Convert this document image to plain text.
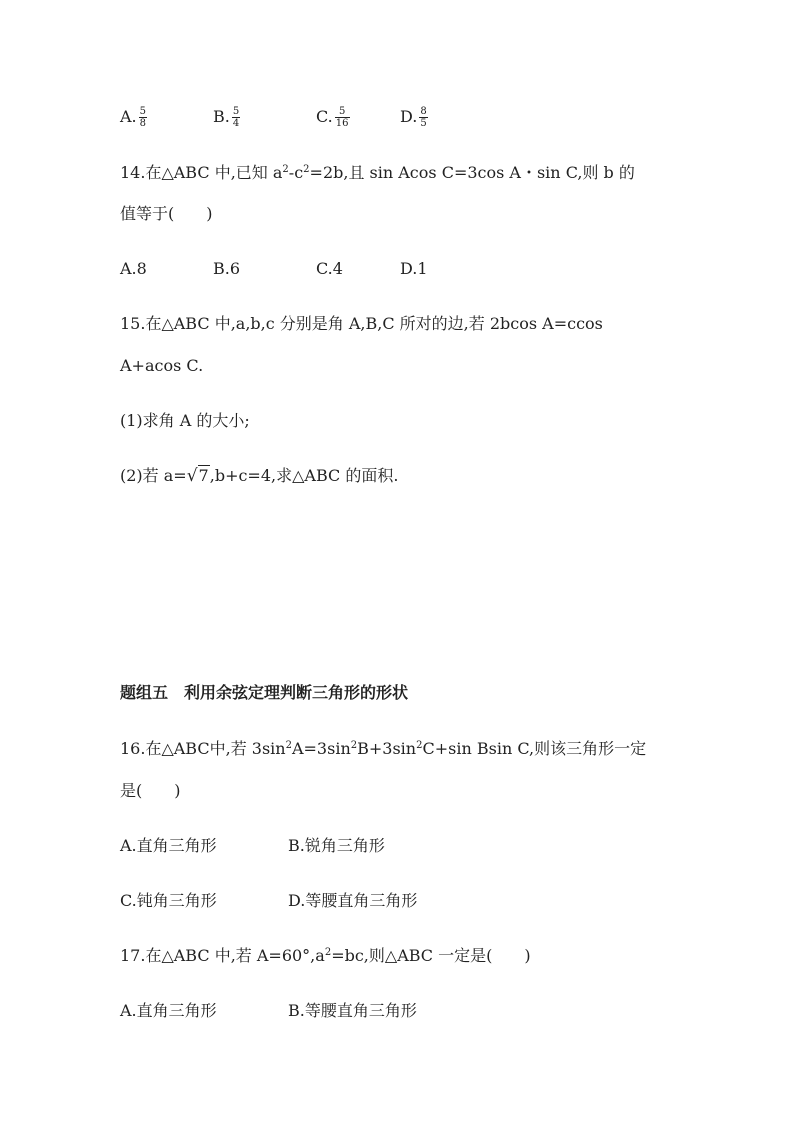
A. $\frac{5}{8}$	B. $\frac{5}{4}$	C. $\frac{5}{16}$	D. $\frac{8}{5}$
14.在△ABC 中,已知 $a^2-c^2=2b$,且 sin Acos C=3cos A・sin C,则 b 的
值等于(　　)
A.8	B.6	C.4	D.1
15.在△ABC 中,a,b,c 分别是角 A,B,C 所对的边,若 2bcos A=ccos
A+acos C.
(1)求角 A 的大小;
(2)若 a=√7,b+c=4,求△ABC 的面积.
题组五　利用余弦定理判断三角形的形状
16.在△ABC中,若 $3\sin^2A=3\sin^2B+3\sin^2C+\sin$ Bsin C,则该三角形一定
是(　　)
A.直角三角形	B.锐角三角形
C.钝角三角形	D.等腰直角三角形
17.在△ABC 中,若 $A=60^\circ,a^2=bc$,则△ABC 一定是(　　)
A.直角三角形	B.等腰直角三角形
